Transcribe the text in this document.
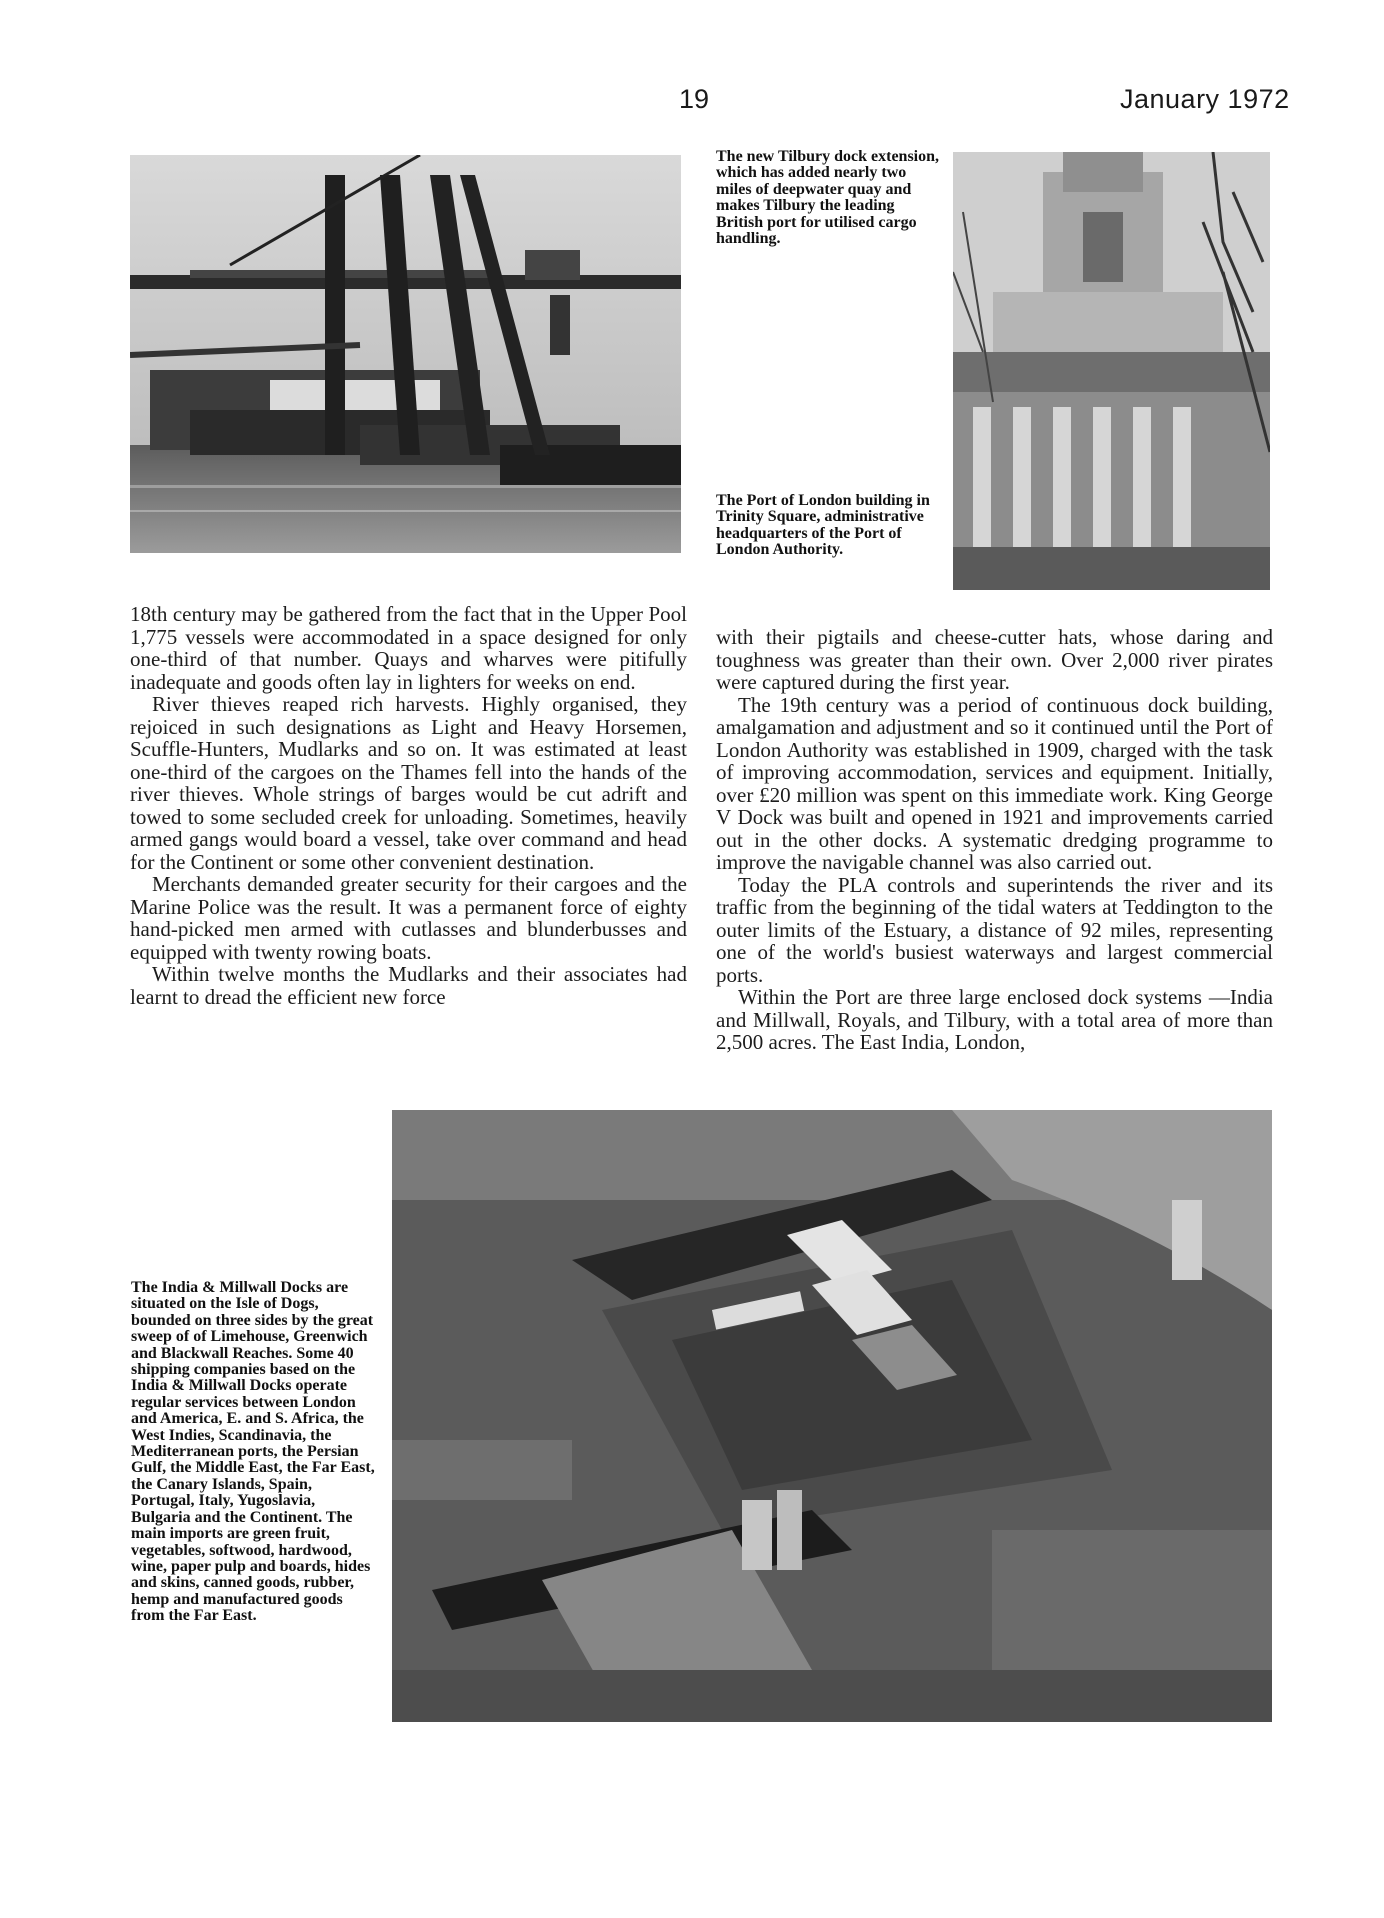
19	January 1972
The new Tilbury dock extension, which has added nearly two miles of deepwater quay and makes Tilbury the leading British port for utilised cargo handling.
The Port of London building in Trinity Square, administrative headquarters of the Port of London Authority.

18th century may be gathered from the fact that in the Upper Pool 1,775 vessels were accommodated in a space designed for only one-third of that number. Quays and wharves were pitifully inadequate and goods often lay in lighters for weeks on end.

River thieves reaped rich harvests. Highly organised, they rejoiced in such designations as Light and Heavy Horsemen, Scuffle-Hunters, Mudlarks and so on. It was estimated at least one-third of the cargoes on the Thames fell into the hands of the river thieves. Whole strings of barges would be cut adrift and towed to some secluded creek for unloading. Sometimes, heavily armed gangs would board a vessel, take over command and head for the Continent or some other convenient destination.

Merchants demanded greater security for their cargoes and the Marine Police was the result. It was a permanent force of eighty hand-picked men armed with cutlasses and blunderbusses and equipped with twenty rowing boats.

Within twelve months the Mudlarks and their associates had learnt to dread the efficient new force

with their pigtails and cheese-cutter hats, whose daring and toughness was greater than their own. Over 2,000 river pirates were captured during the first year.

The 19th century was a period of continuous dock building, amalgamation and adjustment and so it continued until the Port of London Authority was established in 1909, charged with the task of improving accommodation, services and equipment. Initially, over £20 million was spent on this immediate work. King George V Dock was built and opened in 1921 and improvements carried out in the other docks. A systematic dredging programme to improve the navigable channel was also carried out.

Today the PLA controls and superintends the river and its traffic from the beginning of the tidal waters at Teddington to the outer limits of the Estuary, a distance of 92 miles, representing one of the world's busiest waterways and largest commercial ports.

Within the Port are three large enclosed dock systems —India and Millwall, Royals, and Tilbury, with a total area of more than 2,500 acres. The East India, London,

The India & Millwall Docks are situated on the Isle of Dogs, bounded on three sides by the great sweep of of Limehouse, Greenwich and Blackwall Reaches. Some 40 shipping companies based on the India & Millwall Docks operate regular services between London and America, E. and S. Africa, the West Indies, Scandinavia, the Mediterranean ports, the Persian Gulf, the Middle East, the Far East, the Canary Islands, Spain, Portugal, Italy, Yugoslavia, Bulgaria and the Continent. The main imports are green fruit, vegetables, softwood, hardwood, wine, paper pulp and boards, hides and skins, canned goods, rubber, hemp and manufactured goods from the Far East.
